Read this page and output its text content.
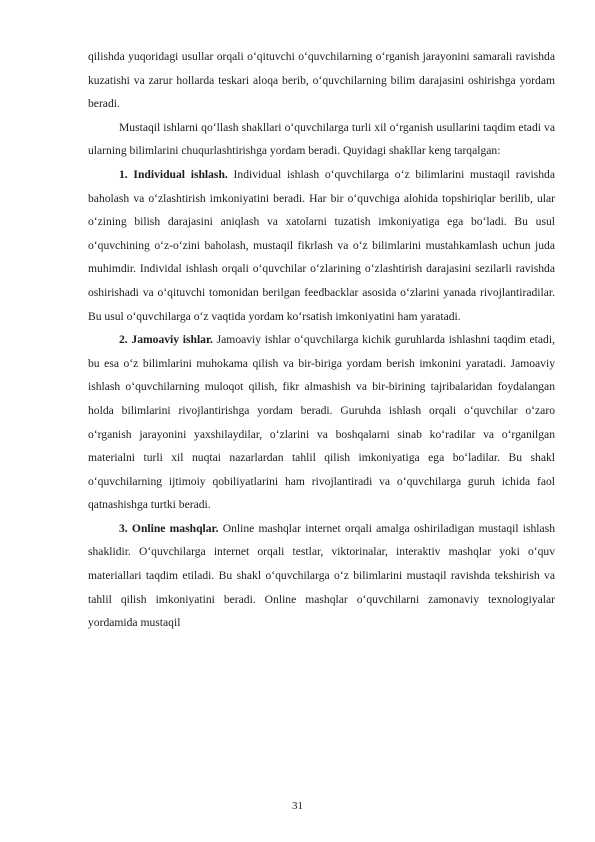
qilishda yuqoridagi usullar orqali o‘qituvchi o‘quvchilarning o‘rganish jarayonini samarali ravishda kuzatishi va zarur hollarda teskari aloqa berib, o‘quvchilarning bilim darajasini oshirishga yordam beradi.

Mustaqil ishlarni qo‘llash shakllari o‘quvchilarga turli xil o‘rganish usullarini taqdim etadi va ularning bilimlarini chuqurlashtirishga yordam beradi. Quyidagi shakllar keng tarqalgan:

1. Individual ishlash. Individual ishlash o‘quvchilarga o‘z bilimlarini mustaqil ravishda baholash va o‘zlashtirish imkoniyatini beradi. Har bir o‘quvchiga alohida topshiriqlar berilib, ular o‘zining bilish darajasini aniqlash va xatolarni tuzatish imkoniyatiga ega bo‘ladi. Bu usul o‘quvchining o‘z-o‘zini baholash, mustaqil fikrlash va o‘z bilimlarini mustahkamlash uchun juda muhimdir. Individal ishlash orqali o‘quvchilar o‘zlarining o‘zlashtirish darajasini sezilarli ravishda oshirishadi va o‘qituvchi tomonidan berilgan feedbacklar asosida o‘zlarini yanada rivojlantiradilar. Bu usul o‘quvchilarga o‘z vaqtida yordam ko‘rsatish imkoniyatini ham yaratadi.

2. Jamoaviy ishlar. Jamoaviy ishlar o‘quvchilarga kichik guruhlarda ishlashni taqdim etadi, bu esa o‘z bilimlarini muhokama qilish va bir-biriga yordam berish imkonini yaratadi. Jamoaviy ishlash o‘quvchilarning muloqot qilish, fikr almashish va bir-birining tajribalaridan foydalangan holda bilimlarini rivojlantirishga yordam beradi. Guruhda ishlash orqali o‘quvchilar o‘zaro o‘rganish jarayonini yaxshilaydilar, o‘zlarini va boshqalarni sinab ko‘radilar va o‘rganilgan materialni turli xil nuqtai nazarlardan tahlil qilish imkoniyatiga ega bo‘ladilar. Bu shakl o‘quvchilarning ijtimoiy qobiliyatlarini ham rivojlantiradi va o‘quvchilarga guruh ichida faol qatnashishga turtki beradi.

3. Online mashqlar. Online mashqlar internet orqali amalga oshiriladigan mustaqil ishlash shaklidir. O‘quvchilarga internet orqali testlar, viktorinalar, interaktiv mashqlar yoki o‘quv materiallari taqdim etiladi. Bu shakl o‘quvchilarga o‘z bilimlarini mustaqil ravishda tekshirish va tahlil qilish imkoniyatini beradi. Online mashqlar o‘quvchilarni zamonaviy texnologiyalar yordamida mustaqil

31
